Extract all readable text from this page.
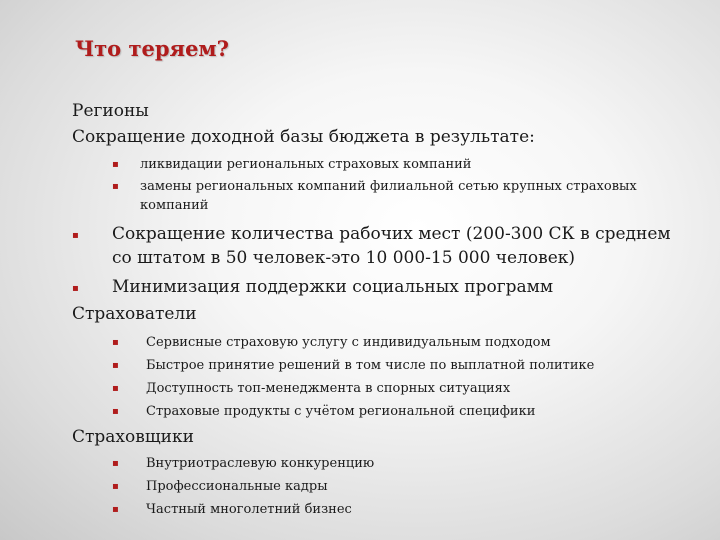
Что теряем?
Регионы
Сокращение доходной базы бюджета в результате:
▪ ликвидации региональных страховых компаний
▪ замены региональных компаний филиальной сетью крупных страховых
компаний
▪ Сокращение количества рабочих мест (200-300 СК в среднем
со штатом в 50 человек-это 10 000-15 000 человек)
▪ Минимизация поддержки социальных программ
Страхователи
▪ Сервисные страховую услугу с индивидуальным подходом
▪ Быстрое принятие решений в том числе по выплатной политике
▪ Доступность топ-менеджмента в спорных ситуациях
▪ Страховые продукты с учётом региональной специфики
Страховщики
▪ Внутриотраслевую конкуренцию
▪ Профессиональные кадры
▪ Частный многолетний бизнес
